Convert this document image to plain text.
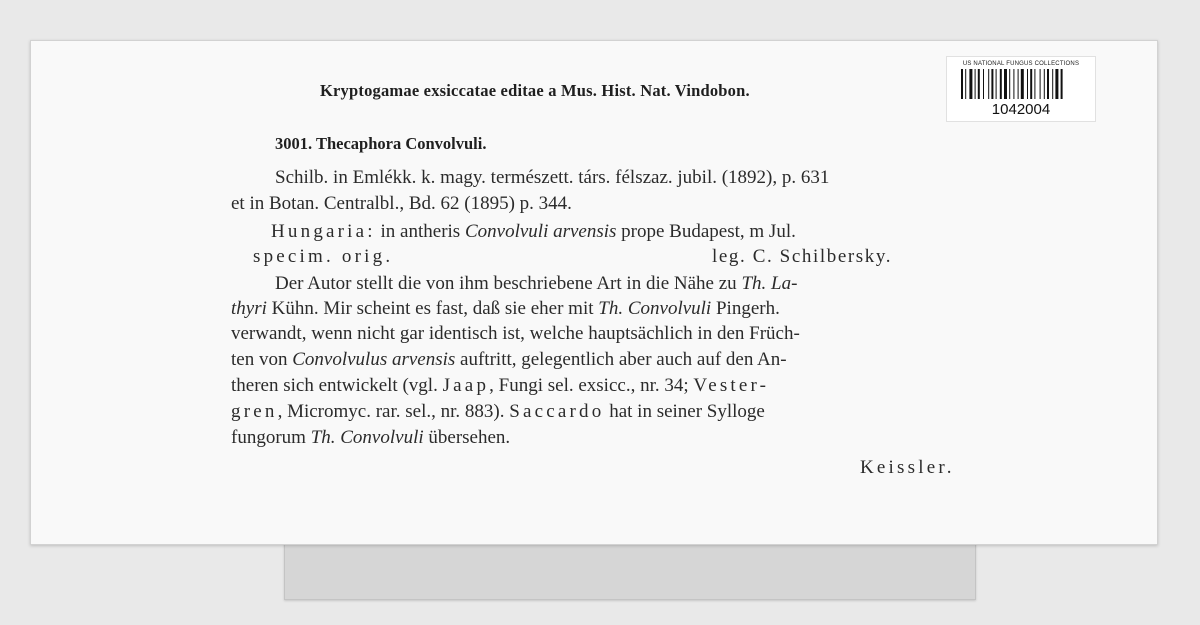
US NATIONAL FUNGUS COLLECTIONS
1042004
Kryptogamae exsiccatae editae a Mus. Hist. Nat. Vindobon.
3001. Thecaphora Convolvuli.
Schilb. in Emlékk. k. magy. természett. társ. félszaz. jubil. (1892), p. 631
et in Botan. Centralbl., Bd. 62 (1895) p. 344.
Hungaria: in antheris Convolvuli arvensis prope Budapest, m Jul.
specim. orig.	leg. C. Schilbersky.
Der Autor stellt die von ihm beschriebene Art in die Nähe zu Th. La-
thyri Kühn. Mir scheint es fast, daß sie eher mit Th. Convolvuli Pingerh.
verwandt, wenn nicht gar identisch ist, welche hauptsächlich in den Früch-
ten von Convolvulus arvensis auftritt, gelegentlich aber auch auf den An-
theren sich entwickelt (vgl. Jaap, Fungi sel. exsicc., nr. 34; Vester-
gren, Micromyc. rar. sel., nr. 883). Saccardo hat in seiner Sylloge
fungorum Th. Convolvuli übersehen.
Keissler.
